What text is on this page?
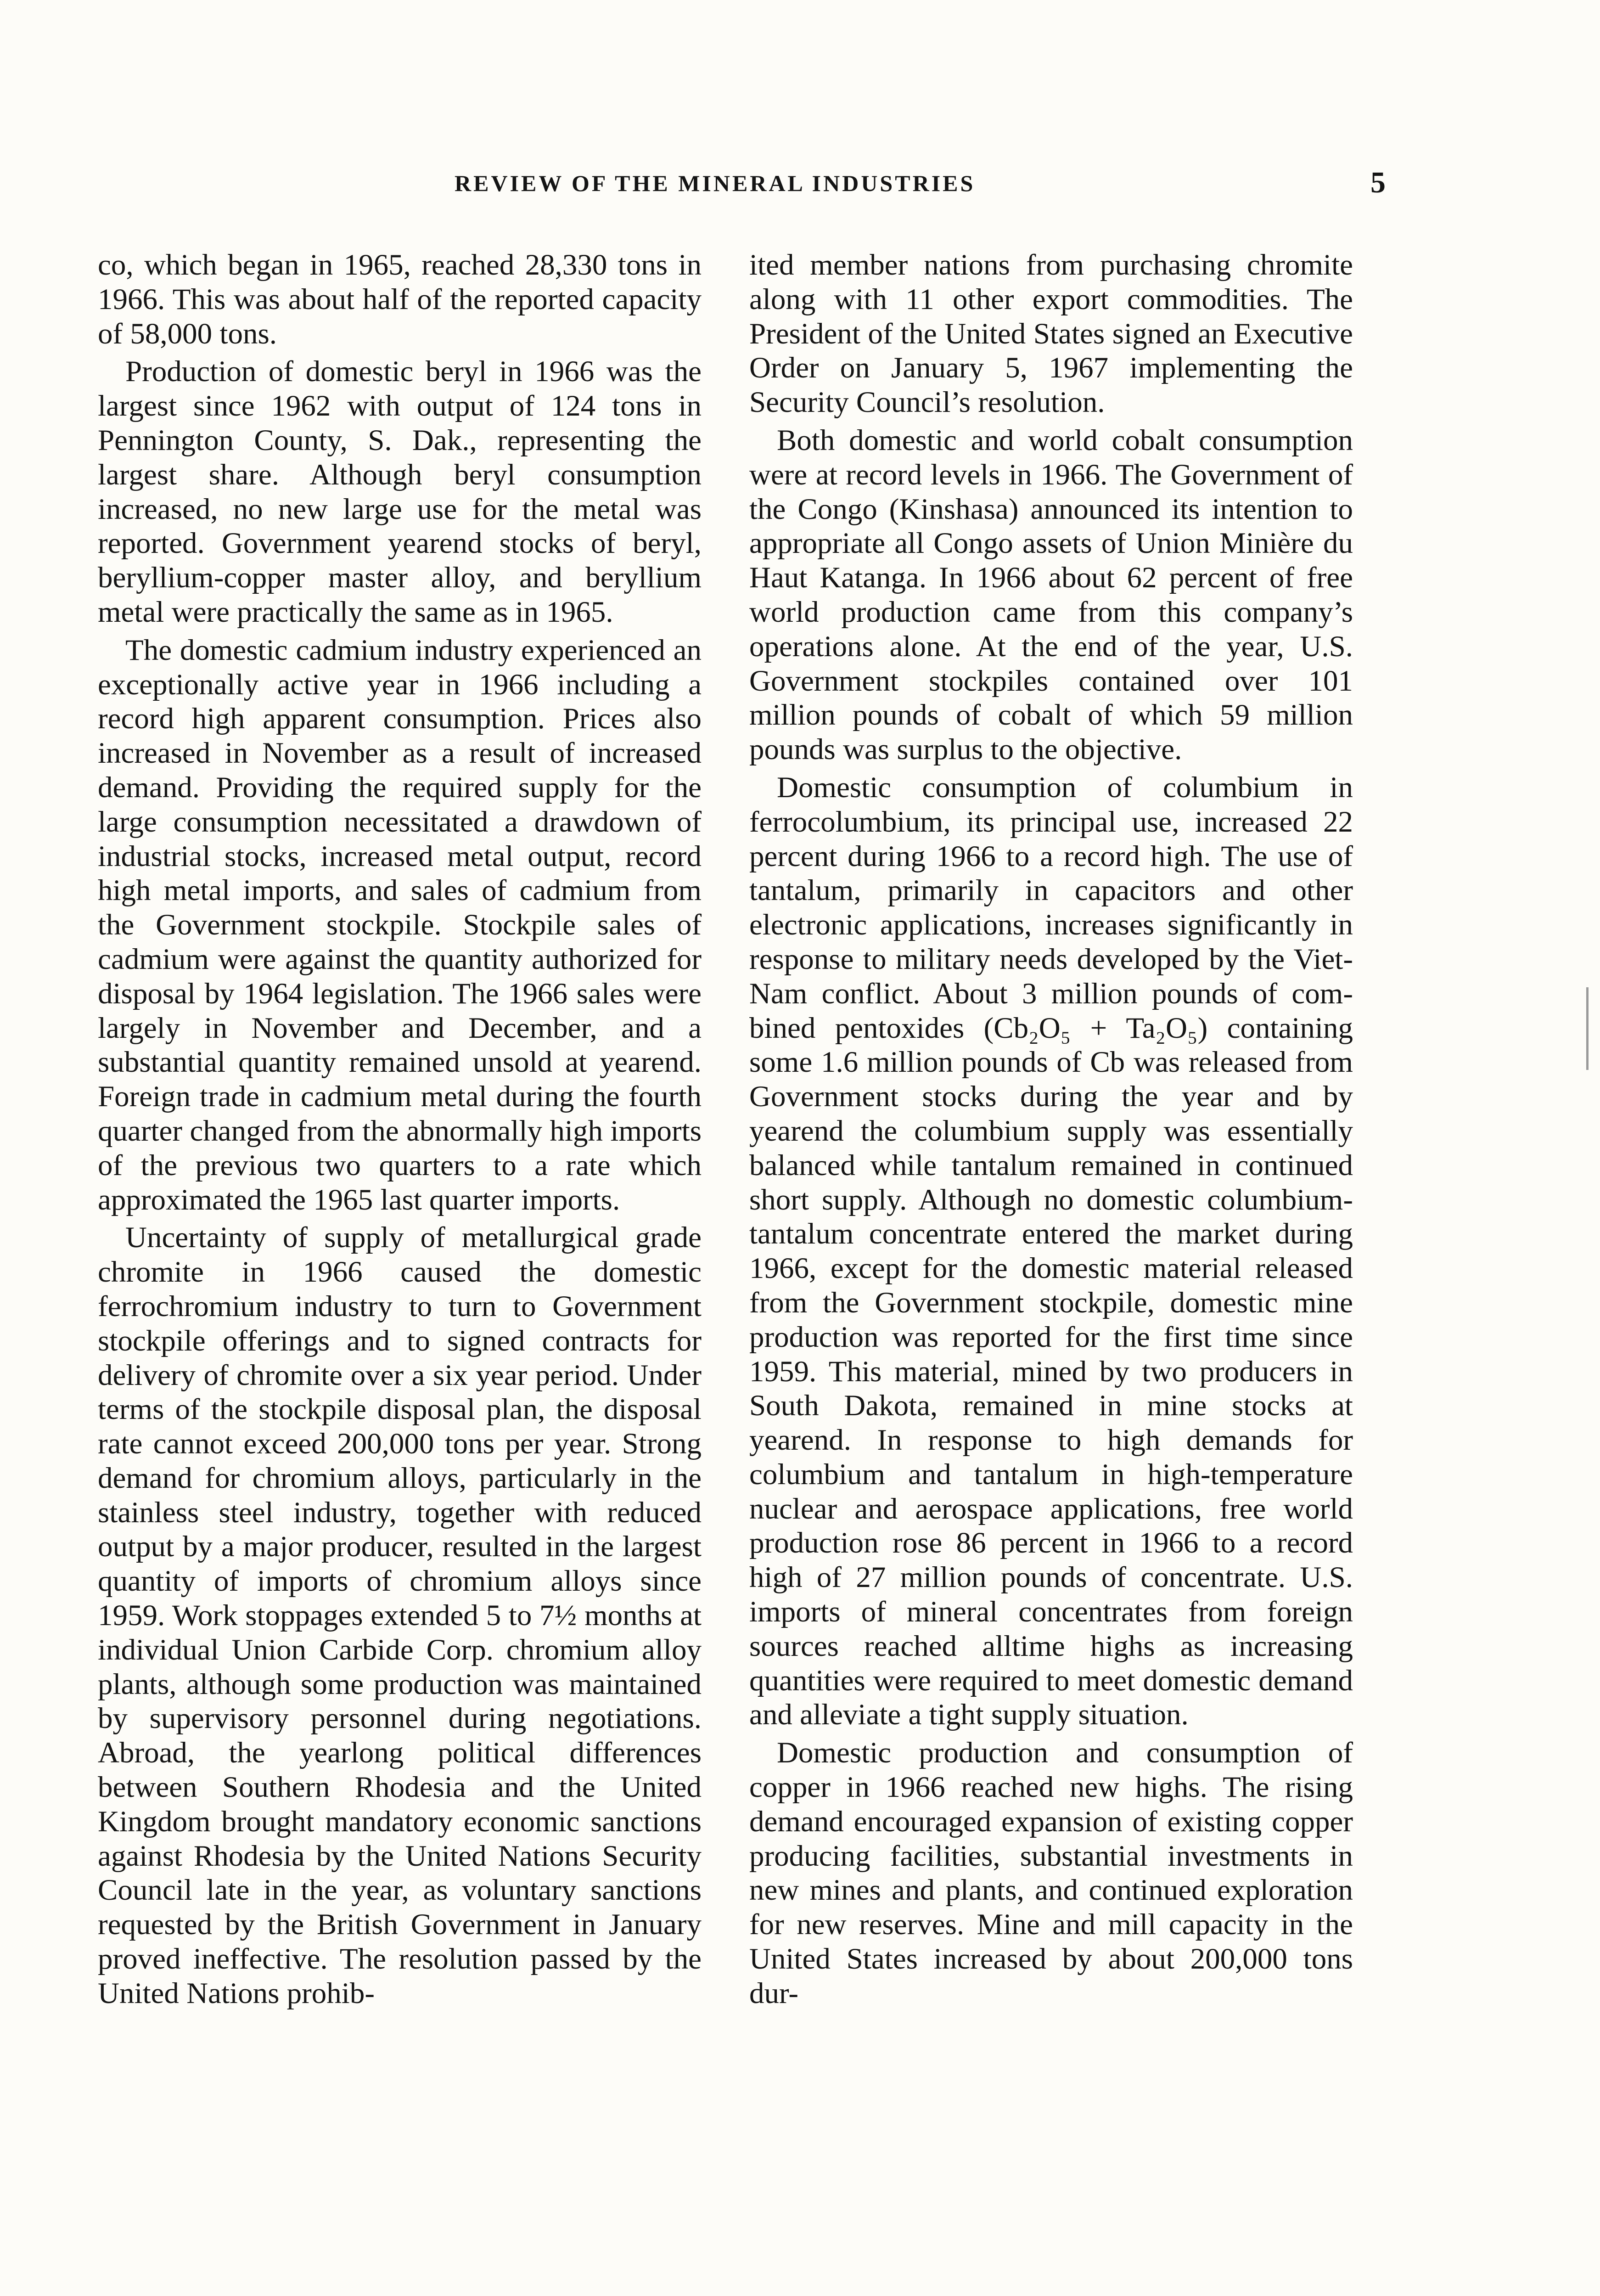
REVIEW OF THE MINERAL INDUSTRIES	5

co, which began in 1965, reached 28,330 tons in 1966. This was about half of the reported capacity of 58,000 tons.

Production of domestic beryl in 1966 was the largest since 1962 with output of 124 tons in Pennington County, S. Dak., representing the largest share. Although beryl consumption increased, no new large use for the metal was reported. Government yearend stocks of beryl, beryllium-copper master alloy, and beryllium metal were practically the same as in 1965.

The domestic cadmium industry experienced an exceptionally active year in 1966 including a record high apparent consumption. Prices also increased in November as a result of increased demand. Providing the required supply for the large consumption necessitated a drawdown of industrial stocks, increased metal output, record high metal imports, and sales of cadmium from the Government stockpile. Stockpile sales of cadmium were against the quantity authorized for disposal by 1964 legislation. The 1966 sales were largely in November and December, and a substantial quantity remained unsold at yearend. Foreign trade in cadmium metal during the fourth quarter changed from the abnormally high imports of the previous two quarters to a rate which approximated the 1965 last quarter imports.

Uncertainty of supply of metallurgical grade chromite in 1966 caused the domestic ferrochromium industry to turn to Government stockpile offerings and to signed contracts for delivery of chromite over a six year period. Under terms of the stockpile disposal plan, the disposal rate cannot exceed 200,000 tons per year. Strong demand for chromium alloys, particularly in the stainless steel industry, together with reduced output by a major producer, resulted in the largest quantity of imports of chromium alloys since 1959. Work stoppages extended 5 to 7½ months at individual Union Carbide Corp. chromium alloy plants, although some production was maintained by supervisory personnel during negotiations. Abroad, the yearlong political differences between Southern Rhodesia and the United Kingdom brought mandatory economic sanctions against Rhodesia by the United Nations Security Council late in the year, as voluntary sanctions requested by the British Government in January proved ineffective. The resolution passed by the United Nations prohib-

ited member nations from purchasing chromite along with 11 other export commodities. The President of the United States signed an Executive Order on January 5, 1967 implementing the Security Council’s resolution.

Both domestic and world cobalt consumption were at record levels in 1966. The Government of the Congo (Kinshasa) announced its intention to appropriate all Congo assets of Union Minière du Haut Katanga. In 1966 about 62 percent of free world production came from this company’s operations alone. At the end of the year, U.S. Government stockpiles contained over 101 million pounds of cobalt of which 59 million pounds was surplus to the objective.

Domestic consumption of columbium in ferrocolumbium, its principal use, increased 22 percent during 1966 to a record high. The use of tantalum, primarily in capacitors and other electronic applications, increases significantly in response to military needs developed by the Viet-Nam conflict. About 3 million pounds of combined pentoxides (Cb₂O₅ + Ta₂O₅) containing some 1.6 million pounds of Cb was released from Government stocks during the year and by yearend the columbium supply was essentially balanced while tantalum remained in continued short supply. Although no domestic columbium-tantalum concentrate entered the market during 1966, except for the domestic material released from the Government stockpile, domestic mine production was reported for the first time since 1959. This material, mined by two producers in South Dakota, remained in mine stocks at yearend. In response to high demands for columbium and tantalum in high-temperature nuclear and aerospace applications, free world production rose 86 percent in 1966 to a record high of 27 million pounds of concentrate. U.S. imports of mineral concentrates from foreign sources reached alltime highs as increasing quantities were required to meet domestic demand and alleviate a tight supply situation.

Domestic production and consumption of copper in 1966 reached new highs. The rising demand encouraged expansion of existing copper producing facilities, substantial investments in new mines and plants, and continued exploration for new reserves. Mine and mill capacity in the United States increased by about 200,000 tons dur-
